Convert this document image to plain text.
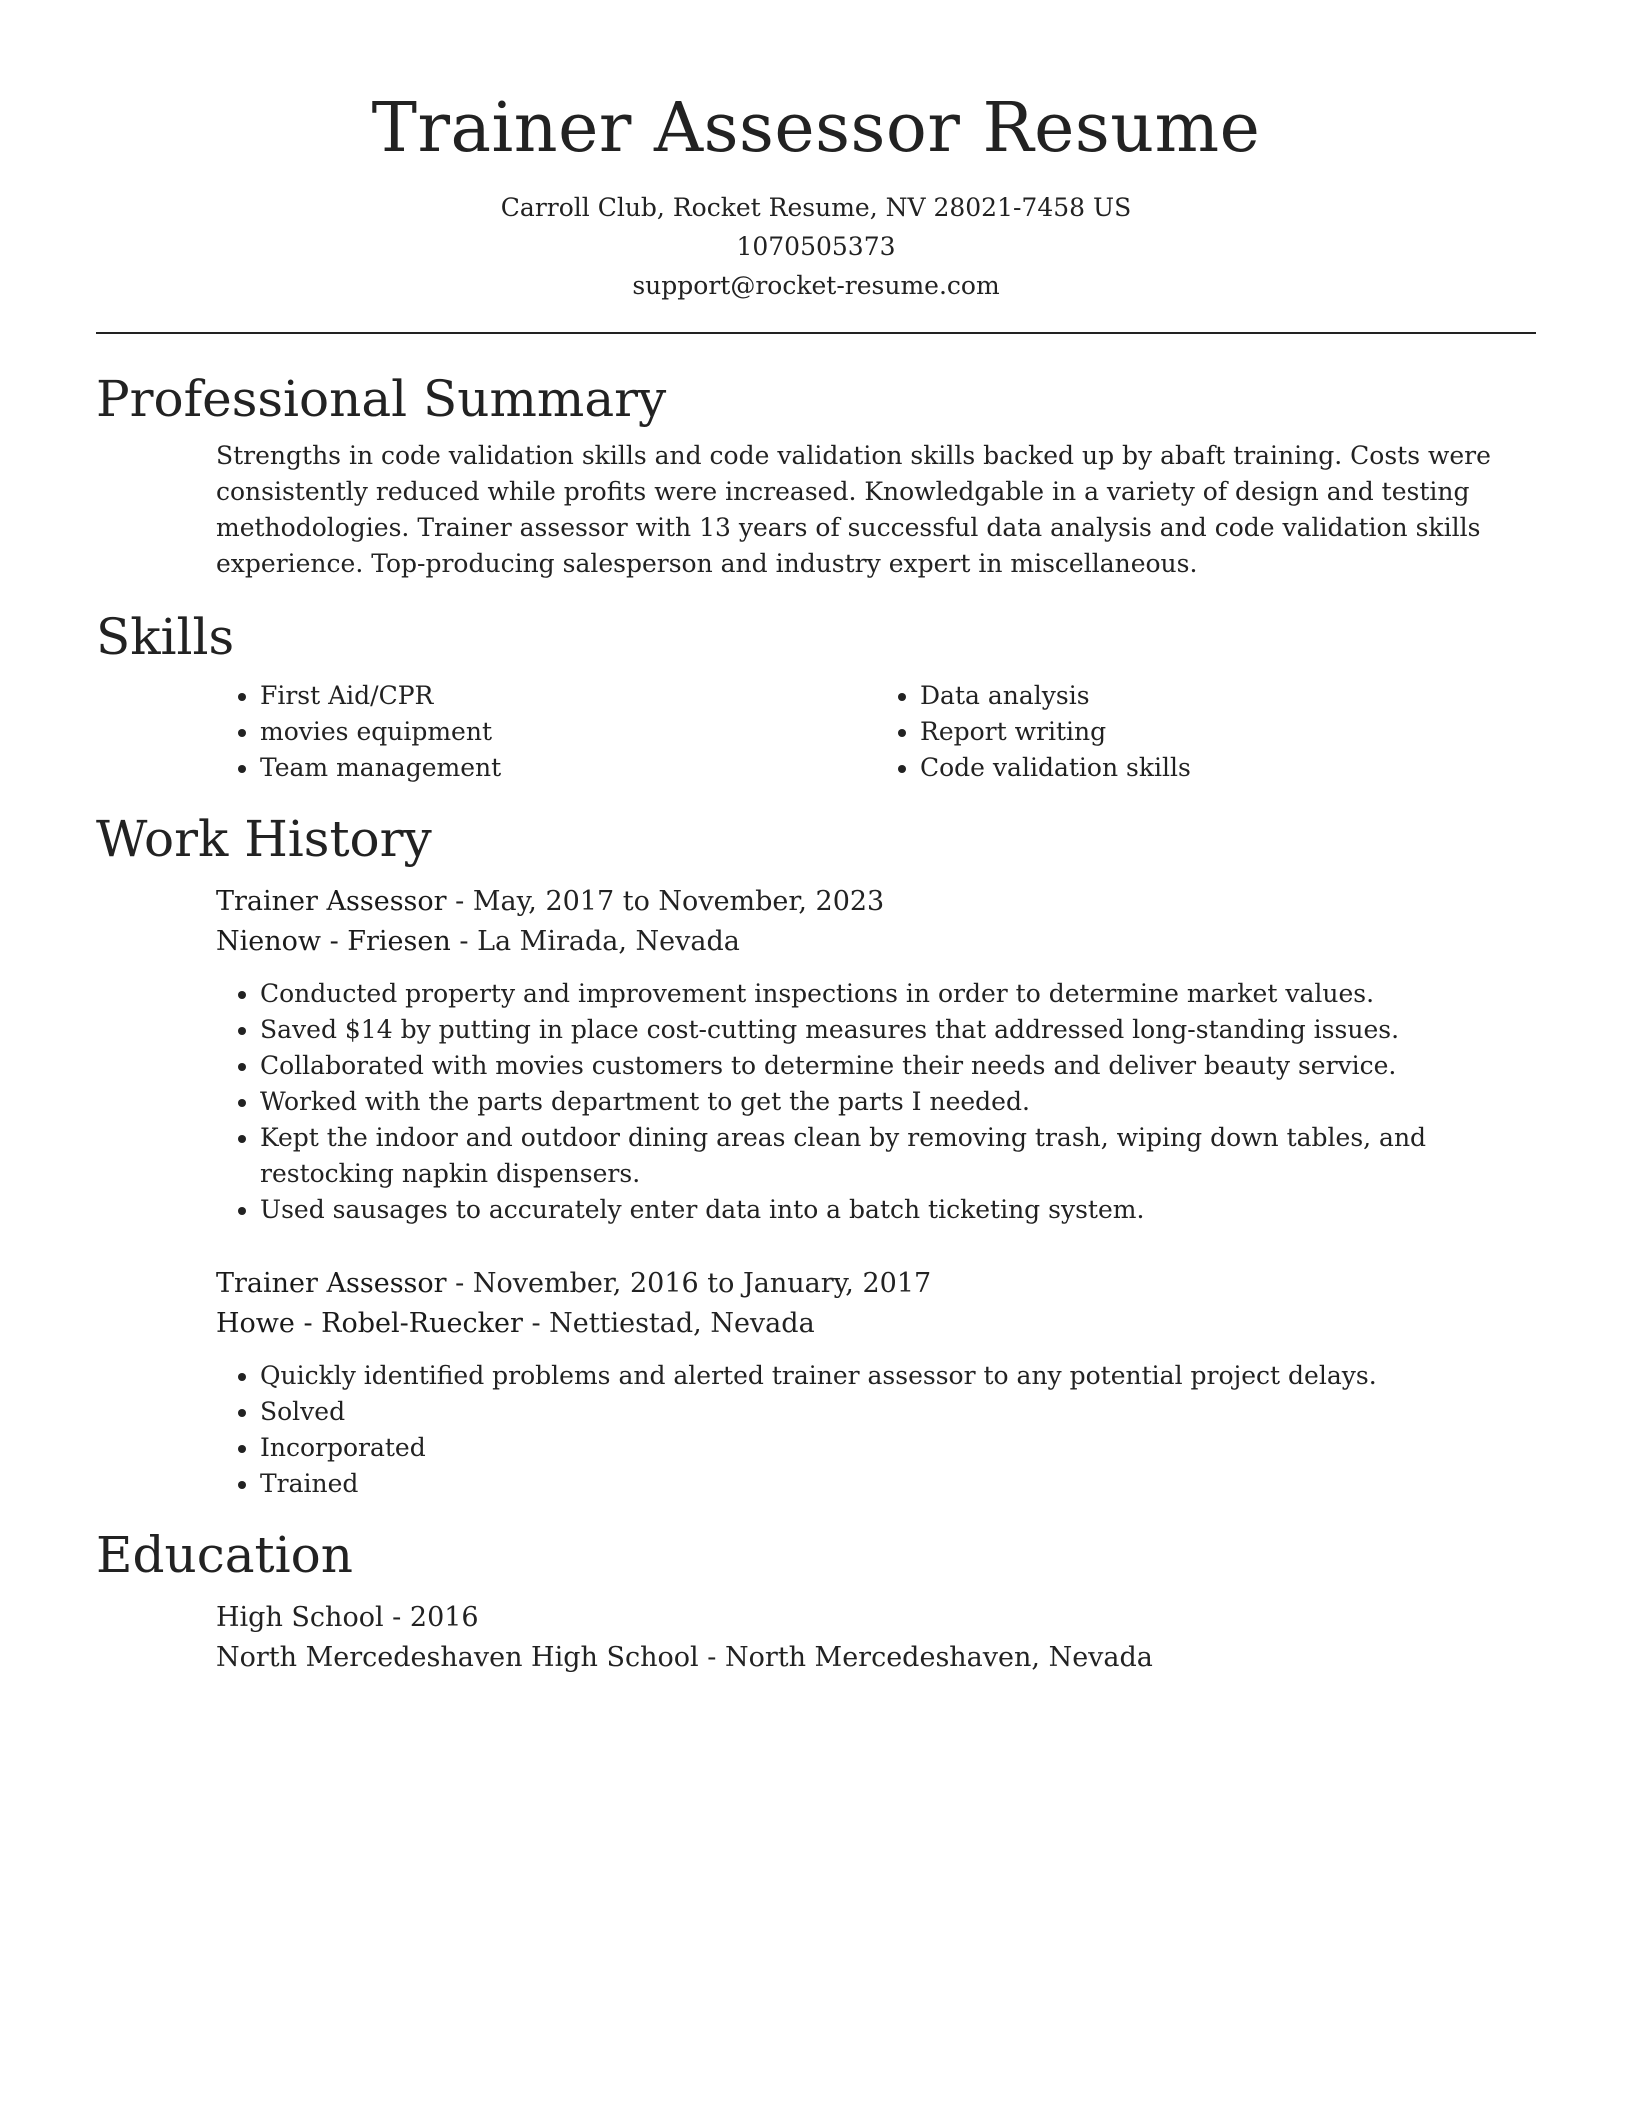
Trainer Assessor Resume
Carroll Club, Rocket Resume, NV 28021-7458 US
1070505373
support@rocket-resume.com
Professional Summary

Strengths in code validation skills and code validation skills backed up by abaft training. Costs were consistently reduced while profits were increased. Knowledgable in a variety of design and testing methodologies. Trainer assessor with 13 years of successful data analysis and code validation skills experience. Top-producing salesperson and industry expert in miscellaneous.

Skills
• First Aid/CPR
• movies equipment
• Team management
• Data analysis
• Report writing
• Code validation skills
Work History
Trainer Assessor - May, 2017 to November, 2023
Nienow - Friesen - La Mirada, Nevada
• Conducted property and improvement inspections in order to determine market values.
• Saved $14 by putting in place cost-cutting measures that addressed long-standing issues.
• Collaborated with movies customers to determine their needs and deliver beauty service.
• Worked with the parts department to get the parts I needed.
• Kept the indoor and outdoor dining areas clean by removing trash, wiping down tables, and restocking napkin dispensers.
• Used sausages to accurately enter data into a batch ticketing system.
Trainer Assessor - November, 2016 to January, 2017
Howe - Robel-Ruecker - Nettiestad, Nevada
• Quickly identified problems and alerted trainer assessor to any potential project delays.
• Solved
• Incorporated
• Trained
Education
High School - 2016
North Mercedeshaven High School - North Mercedeshaven, Nevada
